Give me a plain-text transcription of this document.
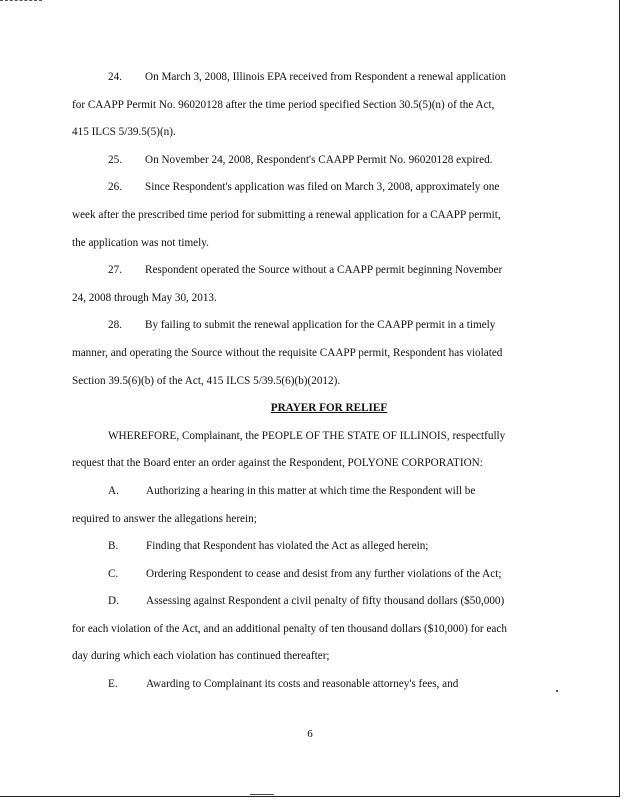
24. On March 3, 2008, Illinois EPA received from Respondent a renewal application
for CAAPP Permit No. 96020128 after the time period specified Section 30.5(5)(n) of the Act,
415 ILCS 5/39.5(5)(n).

25. On November 24, 2008, Respondent's CAAPP Permit No. 96020128 expired.

26. Since Respondent's application was filed on March 3, 2008, approximately one
week after the prescribed time period for submitting a renewal application for a CAAPP permit,
the application was not timely.

27. Respondent operated the Source without a CAAPP permit beginning November
24, 2008 through May 30, 2013.

28. By failing to submit the renewal application for the CAAPP permit in a timely
manner, and operating the Source without the requisite CAAPP permit, Respondent has violated
Section 39.5(6)(b) of the Act, 415 ILCS 5/39.5(6)(b)(2012).

PRAYER FOR RELIEF

WHEREFORE, Complainant, the PEOPLE OF THE STATE OF ILLINOIS, respectfully
request that the Board enter an order against the Respondent, POLYONE CORPORATION:

A. Authorizing a hearing in this matter at which time the Respondent will be
required to answer the allegations herein;

B. Finding that Respondent has violated the Act as alleged herein;

C. Ordering Respondent to cease and desist from any further violations of the Act;

D. Assessing against Respondent a civil penalty of fifty thousand dollars ($50,000)
for each violation of the Act, and an additional penalty of ten thousand dollars ($10,000) for each
day during which each violation has continued thereafter;

E.	Awarding to Complainant its costs and reasonable attorney's fees, and

6
